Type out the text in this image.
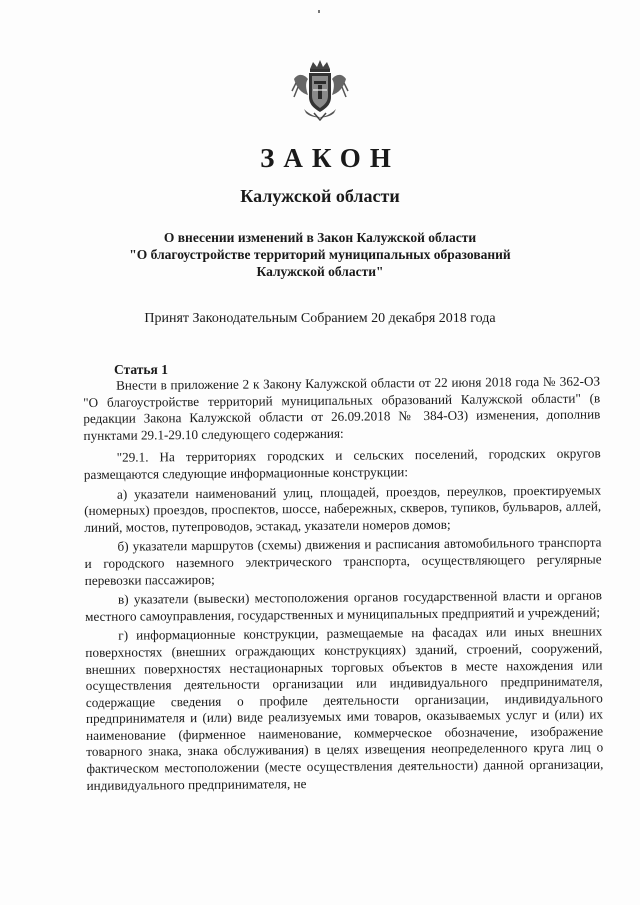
ЗАКОН
Калужской области
О внесении изменений в Закон Калужской области
"О благоустройстве территорий муниципальных образований
Калужской области"
Принят Законодательным Собранием 20 декабря 2018 года
Статья 1

Внести в приложение 2 к Закону Калужской области от 22 июня 2018 года № 362-ОЗ "О благоустройстве территорий муниципальных образований Калужской области" (в редакции Закона Калужской области от 26.09.2018 № 384-ОЗ) изменения, дополнив пунктами 29.1-29.10 следующего содержания:

"29.1. На территориях городских и сельских поселений, городских округов размещаются следующие информационные конструкции:

а) указатели наименований улиц, площадей, проездов, переулков, проектируемых (номерных) проездов, проспектов, шоссе, набережных, скверов, тупиков, бульваров, аллей, линий, мостов, путепроводов, эстакад, указатели номеров домов;

б) указатели маршрутов (схемы) движения и расписания автомобильного транспорта и городского наземного электрического транспорта, осуществляющего регулярные перевозки пассажиров;

в) указатели (вывески) местоположения органов государственной власти и органов местного самоуправления, государственных и муниципальных предприятий и учреждений;

г) информационные конструкции, размещаемые на фасадах или иных внешних поверхностях (внешних ограждающих конструкциях) зданий, строений, сооружений, внешних поверхностях нестационарных торговых объектов в месте нахождения или осуществления деятельности организации или индивидуального предпринимателя, содержащие сведения о профиле деятельности организации, индивидуального предпринимателя и (или) виде реализуемых ими товаров, оказываемых услуг и (или) их наименование (фирменное наименование, коммерческое обозначение, изображение товарного знака, знака обслуживания) в целях извещения неопределенного круга лиц о фактическом местоположении (месте осуществления деятельности) данной организации, индивидуального предпринимателя, не
